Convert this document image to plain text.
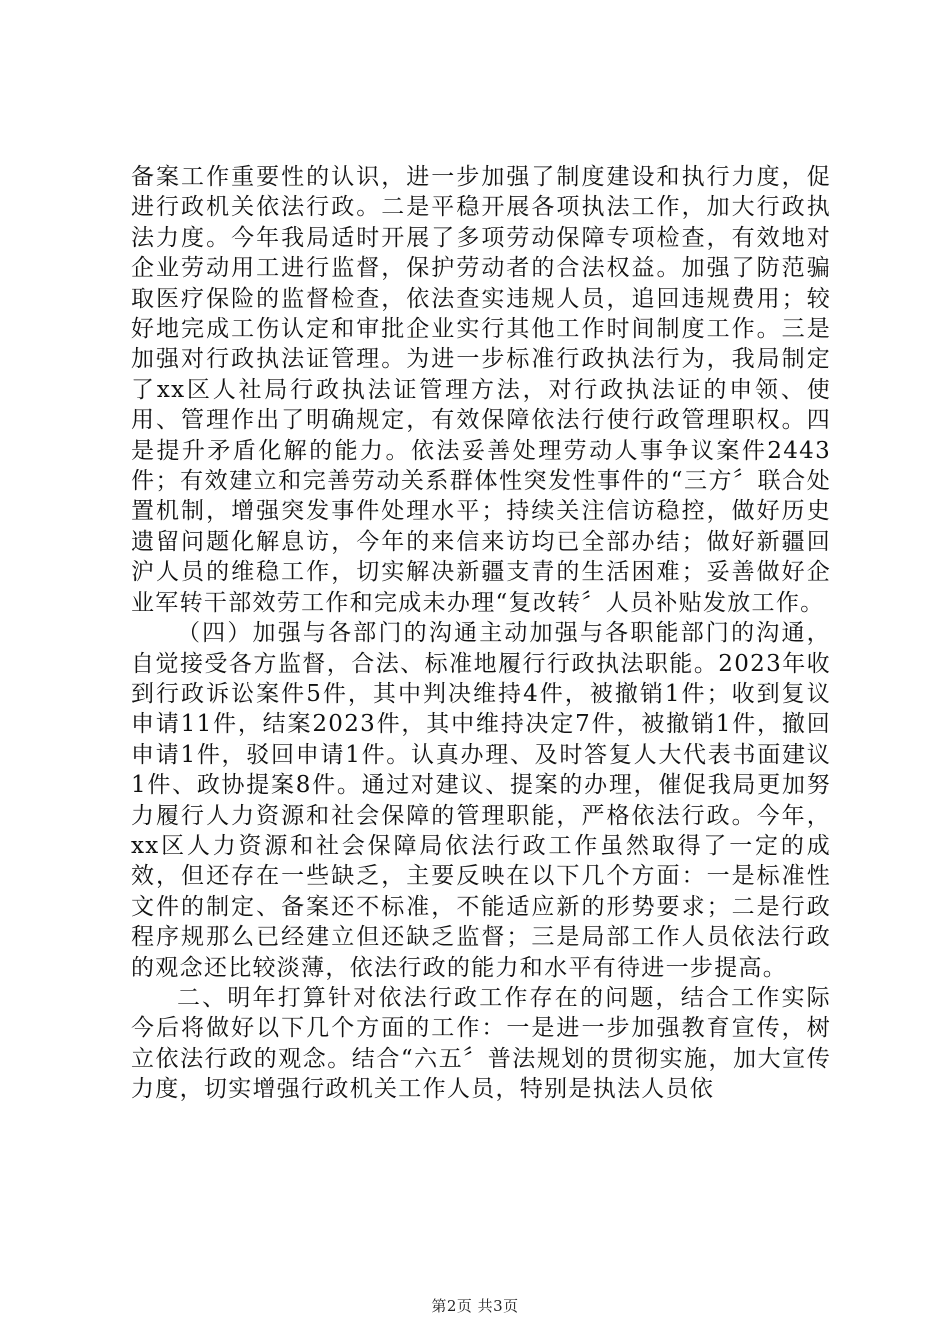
备案工作重要性的认识，进一步加强了制度建设和执行力度，促进行政机关依法行政。二是平稳开展各项执法工作，加大行政执法力度。今年我局适时开展了多项劳动保障专项检查，有效地对企业劳动用工进行监督，保护劳动者的合法权益。加强了防范骗取医疗保险的监督检查，依法查实违规人员，追回违规费用；较好地完成工伤认定和审批企业实行其他工作时间制度工作。三是加强对行政执法证管理。为进一步标准行政执法行为，我局制定了xx区人社局行政执法证管理方法，对行政执法证的申领、使用、管理作出了明确规定，有效保障依法行使行政管理职权。四是提升矛盾化解的能力。依法妥善处理劳动人事争议案件2443件；有效建立和完善劳动关系群体性突发性事件的“三方〞联合处置机制，增强突发事件处理水平；持续关注信访稳控，做好历史遗留问题化解息访，今年的来信来访均已全部办结；做好新疆回沪人员的维稳工作，切实解决新疆支青的生活困难；妥善做好企业军转干部效劳工作和完成未办理“复改转〞人员补贴发放工作。

（四）加强与各部门的沟通主动加强与各职能部门的沟通，自觉接受各方监督，合法、标准地履行行政执法职能。2023年收到行政诉讼案件5件，其中判决维持4件，被撤销1件；收到复议申请11件，结案2023件，其中维持决定7件，被撤销1件，撤回申请1件，驳回申请1件。认真办理、及时答复人大代表书面建议1件、政协提案8件。通过对建议、提案的办理，催促我局更加努力履行人力资源和社会保障的管理职能，严格依法行政。今年，xx区人力资源和社会保障局依法行政工作虽然取得了一定的成效，但还存在一些缺乏，主要反映在以下几个方面：一是标准性文件的制定、备案还不标准，不能适应新的形势要求；二是行政程序规那么已经建立但还缺乏监督；三是局部工作人员依法行政的观念还比较淡薄，依法行政的能力和水平有待进一步提高。

二、明年打算针对依法行政工作存在的问题，结合工作实际今后将做好以下几个方面的工作：一是进一步加强教育宣传，树立依法行政的观念。结合“六五〞普法规划的贯彻实施，加大宣传力度，切实增强行政机关工作人员，特别是执法人员依

第2页 共3页
